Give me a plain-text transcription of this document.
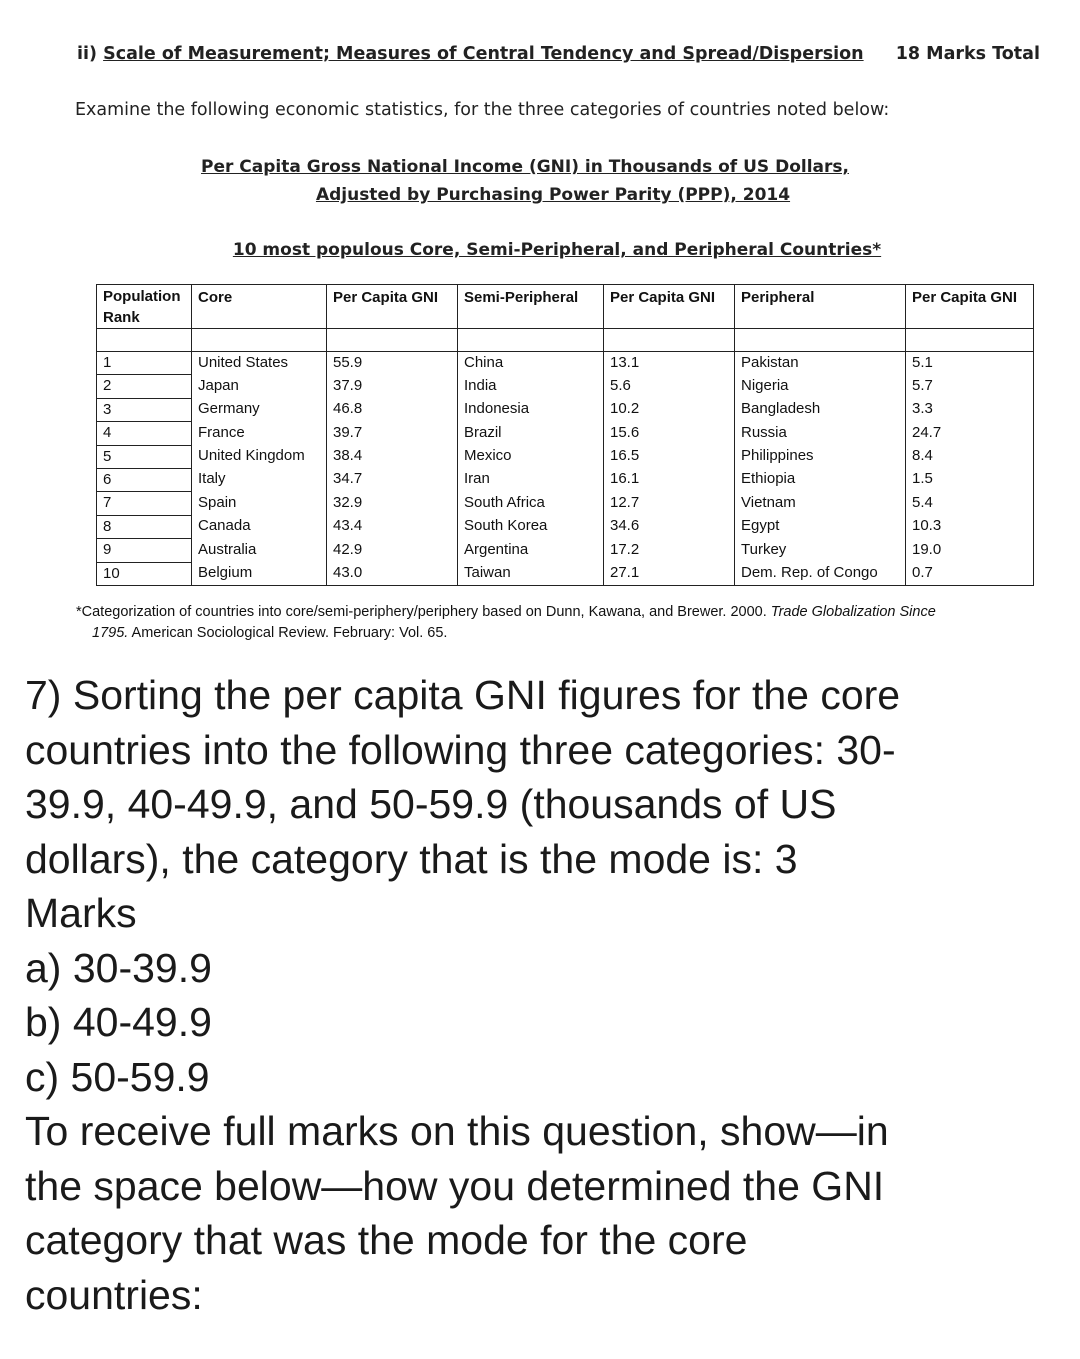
ii) Scale of Measurement; Measures of Central Tendency and Spread/Dispersion 18 Marks Total
Examine the following economic statistics, for the three categories of countries noted below:
Per Capita Gross National Income (GNI) in Thousands of US Dollars,
Adjusted by Purchasing Power Parity (PPP), 2014
10 most populous Core, Semi-Peripheral, and Peripheral Countries*
Population
Rank	Core	Per Capita GNI	Semi-Peripheral	Per Capita GNI	Peripheral	Per Capita GNI

1	United States	55.9	China	13.1	Pakistan	5.1
2	Japan	37.9	India	5.6	Nigeria	5.7
3	Germany	46.8	Indonesia	10.2	Bangladesh	3.3
4	France	39.7	Brazil	15.6	Russia	24.7
5	United Kingdom	38.4	Mexico	16.5	Philippines	8.4
6	Italy	34.7	Iran	16.1	Ethiopia	1.5
7	Spain	32.9	South Africa	12.7	Vietnam	5.4
8	Canada	43.4	South Korea	34.6	Egypt	10.3
9	Australia	42.9	Argentina	17.2	Turkey	19.0
10	Belgium	43.0	Taiwan	27.1	Dem. Rep. of Congo	0.7
*Categorization of countries into core/semi-periphery/periphery based on Dunn, Kawana, and Brewer. 2000. Trade Globalization Since
1795. American Sociological Review. February: Vol. 65.
7) Sorting the per capita GNI figures for the core
countries into the following three categories: 30-
39.9, 40-49.9, and 50-59.9 (thousands of US
dollars), the category that is the mode is: 3
Marks
a) 30-39.9
b) 40-49.9
c) 50-59.9
To receive full marks on this question, show—in
the space below—how you determined the GNI
category that was the mode for the core
countries:
